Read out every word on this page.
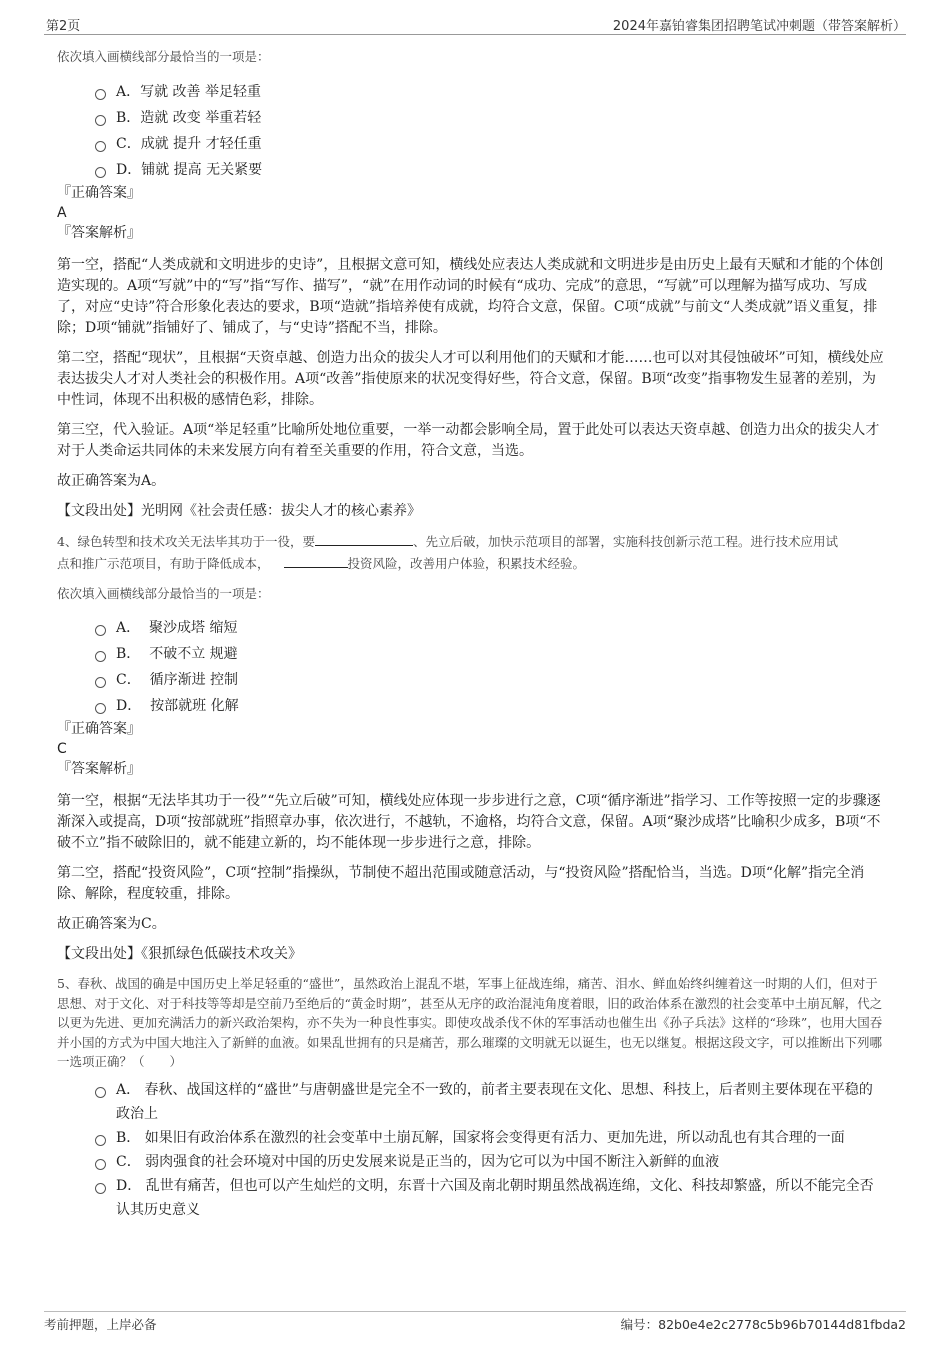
第2页	2024年嘉铂睿集团招聘笔试冲刺题（带答案解析）

依次填入画横线部分最恰当的一项是：

A．写就 改善 举足轻重
B．造就 改变 举重若轻
C．成就 提升 才轻任重
D．铺就 提高 无关紧要
『正确答案』
A
『答案解析』

第一空，搭配“人类成就和文明进步的史诗”，且根据文意可知，横线处应表达人类成就和文明进步是由历史上最有天赋和才能的个体创造实现的。A项“写就”中的“写”指“写作、描写”，“就”在用作动词的时候有“成功、完成”的意思，“写就”可以理解为描写成功、写成了，对应“史诗”符合形象化表达的要求，B项“造就”指培养使有成就，均符合文意，保留。C项“成就”与前文“人类成就”语义重复，排除；D项“铺就”指铺好了、铺成了，与“史诗”搭配不当，排除。

第二空，搭配“现状”，且根据“天资卓越、创造力出众的拔尖人才可以利用他们的天赋和才能……也可以对其侵蚀破坏”可知，横线处应表达拔尖人才对人类社会的积极作用。A项“改善”指使原来的状况变得好些，符合文意，保留。B项“改变”指事物发生显著的差别，为中性词，体现不出积极的感情色彩，排除。

第三空，代入验证。A项“举足轻重”比喻所处地位重要，一举一动都会影响全局，置于此处可以表达天资卓越、创造力出众的拔尖人才对于人类命运共同体的未来发展方向有着至关重要的作用，符合文意，当选。

故正确答案为A。

【文段出处】光明网《社会责任感：拔尖人才的核心素养》

4、绿色转型和技术攻关无法毕其功于一役，要	、先立后破，加快示范项目的部署，实施科技创新示范工程。进行技术应用试
点和推广示范项目，有助于降低成本，	投资风险，改善用户体验，积累技术经验。

依次填入画横线部分最恰当的一项是：

A．  聚沙成塔 缩短
B．  不破不立 规避
C．  循序渐进 控制
D．  按部就班 化解
『正确答案』
C
『答案解析』

第一空，根据“无法毕其功于一役”“先立后破”可知，横线处应体现一步步进行之意，C项“循序渐进”指学习、工作等按照一定的步骤逐渐深入或提高，D项“按部就班”指照章办事，依次进行，不越轨，不逾格，均符合文意，保留。A项“聚沙成塔”比喻积少成多，B项“不破不立”指不破除旧的，就不能建立新的，均不能体现一步步进行之意，排除。

第二空，搭配“投资风险”，C项“控制”指操纵，节制使不超出范围或随意活动，与“投资风险”搭配恰当，当选。D项“化解”指完全消除、解除，程度较重，排除。

故正确答案为C。

【文段出处】《狠抓绿色低碳技术攻关》

5、春秋、战国的确是中国历史上举足轻重的“盛世”，虽然政治上混乱不堪，军事上征战连绵，痛苦、泪水、鲜血始终纠缠着这一时期的人们，但对于思想、对于文化、对于科技等等却是空前乃至绝后的“黄金时期”，甚至从无序的政治混沌角度着眼，旧的政治体系在激烈的社会变革中土崩瓦解，代之以更为先进、更加充满活力的新兴政治架构，亦不失为一种良性事实。即使攻战杀伐不休的军事活动也催生出《孙子兵法》这样的“珍珠”，也用大国吞并小国的方式为中国大地注入了新鲜的血液。如果乱世拥有的只是痛苦，那么璀璨的文明就无以诞生，也无以继复。根据这段文字，可以推断出下列哪一选项正确？（　　）

A． 春秋、战国这样的“盛世”与唐朝盛世是完全不一致的，前者主要表现在文化、思想、科技上，后者则主要体现在平稳的政治上
B． 如果旧有政治体系在激烈的社会变革中土崩瓦解，国家将会变得更有活力、更加先进，所以动乱也有其合理的一面
C． 弱肉强食的社会环境对中国的历史发展来说是正当的，因为它可以为中国不断注入新鲜的血液
D． 乱世有痛苦，但也可以产生灿烂的文明，东晋十六国及南北朝时期虽然战祸连绵，文化、科技却繁盛，所以不能完全否认其历史意义
考前押题，上岸必备	编号：82b0e4e2c2778c5b96b70144d81fbda2
